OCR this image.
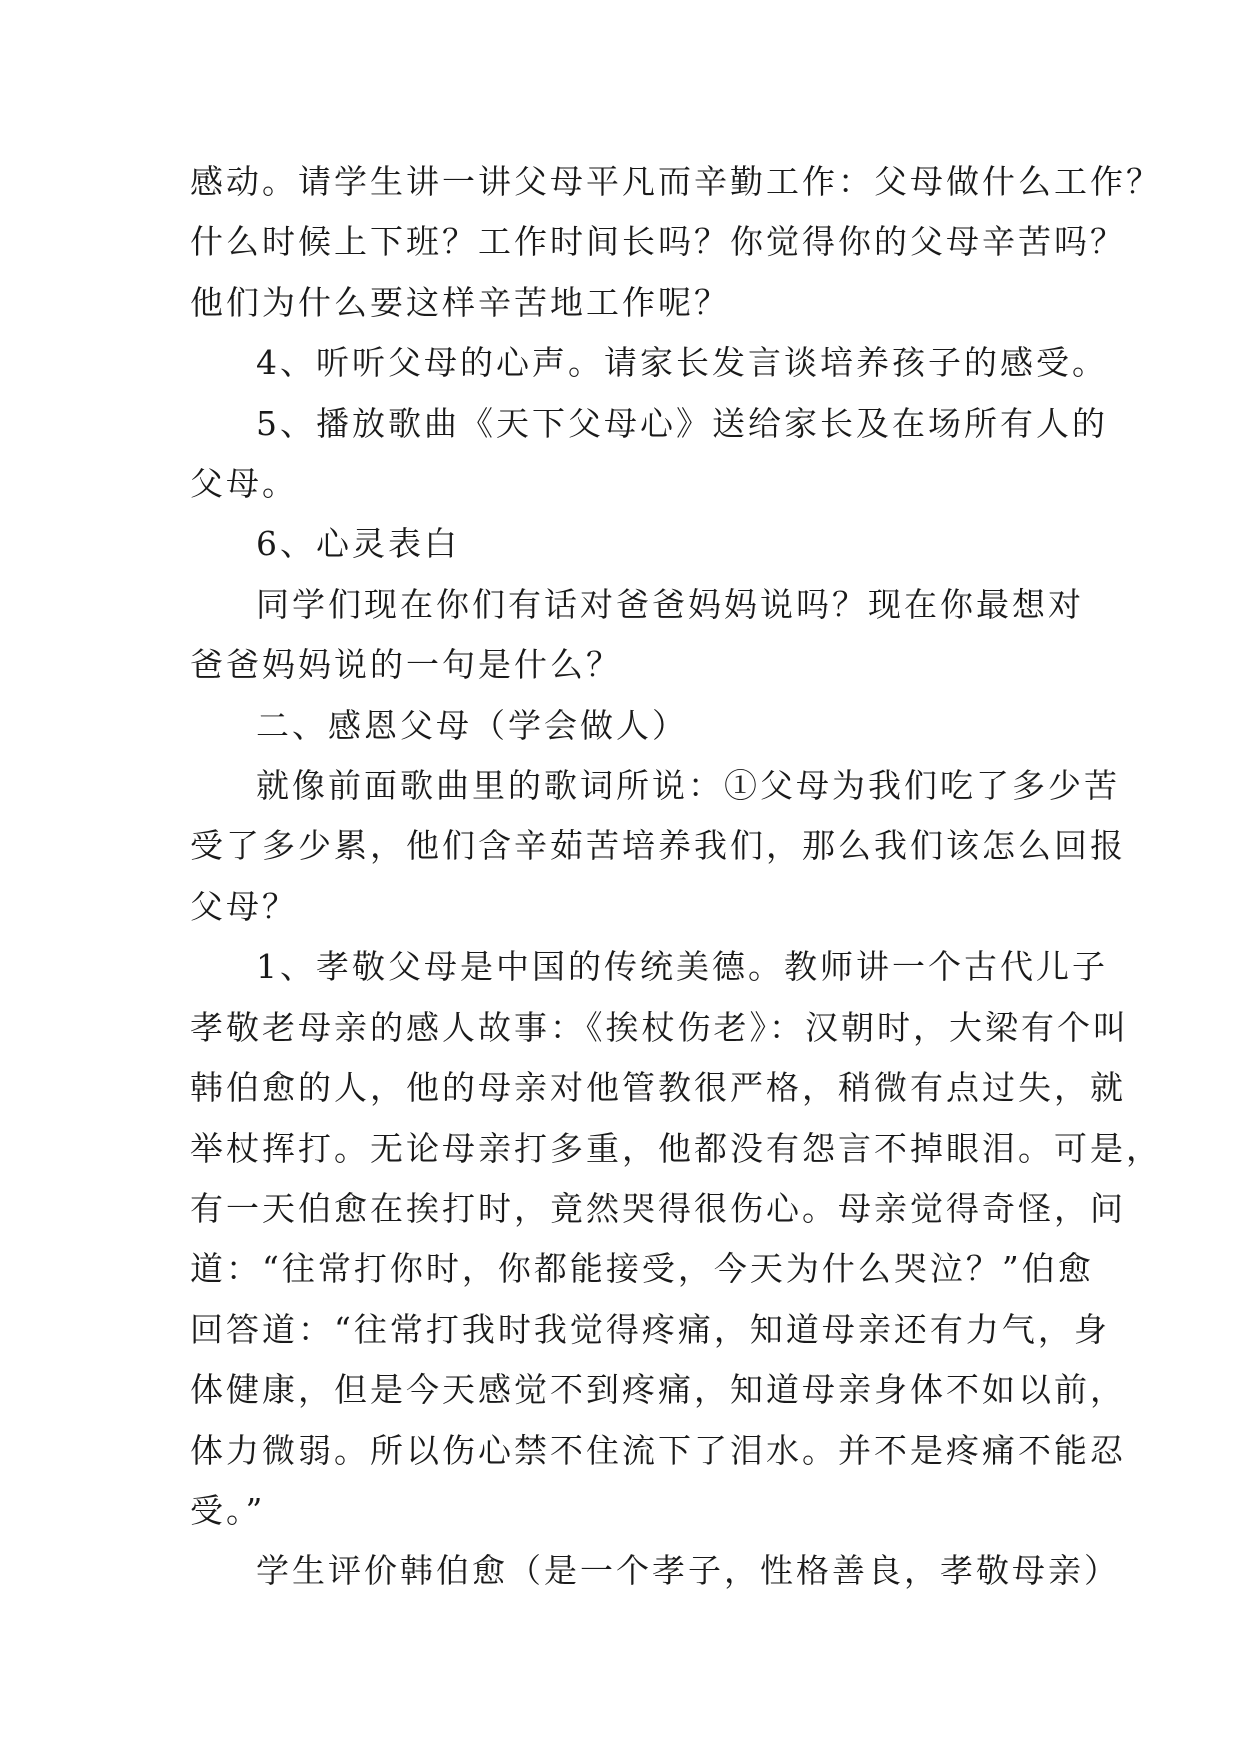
感动。请学生讲一讲父母平凡而辛勤工作：父母做什么工作？
什么时候上下班？工作时间长吗？你觉得你的父母辛苦吗？
他们为什么要这样辛苦地工作呢？

4、听听父母的心声。请家长发言谈培养孩子的感受。

5、播放歌曲《天下父母心》送给家长及在场所有人的
父母。

6、心灵表白

同学们现在你们有话对爸爸妈妈说吗？现在你最想对
爸爸妈妈说的一句是什么？

二、感恩父母（学会做人）

就像前面歌曲里的歌词所说：①父母为我们吃了多少苦
受了多少累，他们含辛茹苦培养我们，那么我们该怎么回报
父母？

1、孝敬父母是中国的传统美德。教师讲一个古代儿子
孝敬老母亲的感人故事：《挨杖伤老》：汉朝时，大梁有个叫
韩伯愈的人，他的母亲对他管教很严格，稍微有点过失，就
举杖挥打。无论母亲打多重，他都没有怨言不掉眼泪。可是，
有一天伯愈在挨打时，竟然哭得很伤心。母亲觉得奇怪，问
道：“往常打你时，你都能接受，今天为什么哭泣？”伯愈
回答道：“往常打我时我觉得疼痛，知道母亲还有力气，身
体健康，但是今天感觉不到疼痛，知道母亲身体不如以前，
体力微弱。所以伤心禁不住流下了泪水。并不是疼痛不能忍
受。”

学生评价韩伯愈（是一个孝子，性格善良，孝敬母亲）
